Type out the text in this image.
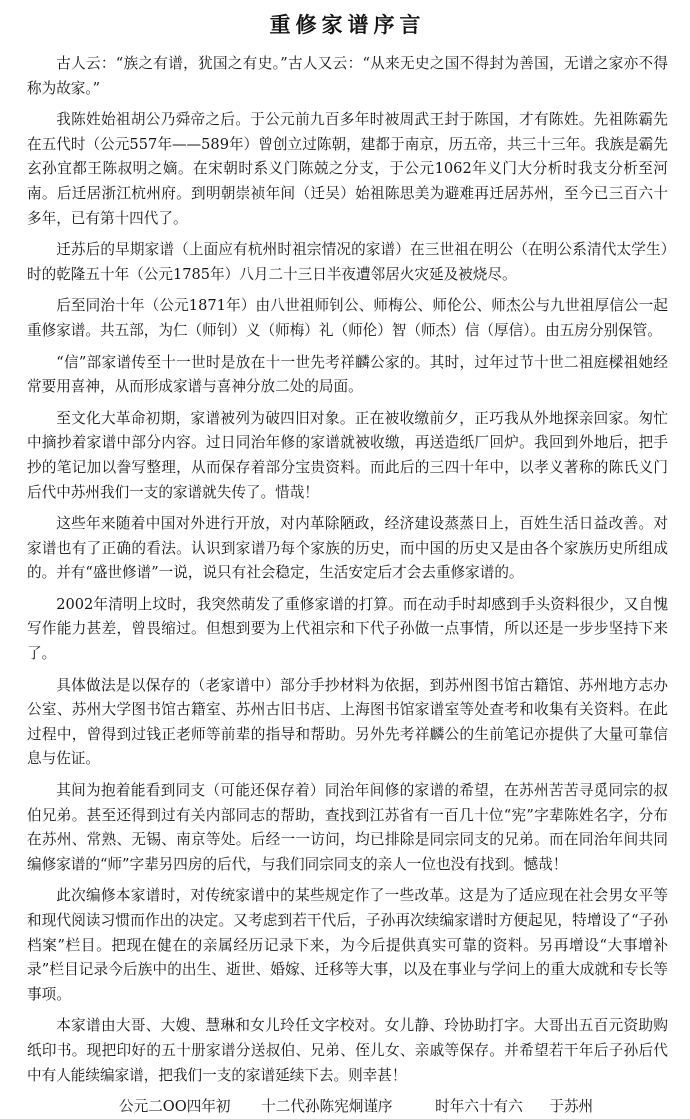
重修家谱序言

古人云：“族之有谱，犹国之有史。”古人又云：“从来无史之国不得封为善国，无谱之家亦不得称为故家。”

我陈姓始祖胡公乃舜帝之后。于公元前九百多年时被周武王封于陈国，才有陈姓。先祖陈霸先在五代时（公元557年——589年）曾创立过陈朝，建都于南京，历五帝，共三十三年。我族是霸先玄孙宜都王陈叔明之嫡。在宋朝时系义门陈兢之分支，于公元1062年义门大分析时我支分析至河南。后迁居浙江杭州府。到明朝崇祯年间（迁吴）始祖陈思美为避难再迁居苏州，至今已三百六十多年，已有第十四代了。

迁苏后的早期家谱（上面应有杭州时祖宗情况的家谱）在三世祖在明公（在明公系清代太学生）时的乾隆五十年（公元1785年）八月二十三日半夜遭邻居火灾延及被烧尽。

后至同治十年（公元1871年）由八世祖师钊公、师梅公、师伦公、师杰公与九世祖厚信公一起重修家谱。共五部，为仁（师钊）义（师梅）礼（师伦）智（师杰）信（厚信）。由五房分别保管。

“信”部家谱传至十一世时是放在十一世先考祥麟公家的。其时，过年过节十世二祖庭樑祖她经常要用喜神，从而形成家谱与喜神分放二处的局面。

至文化大革命初期，家谱被列为破四旧对象。正在被收缴前夕，正巧我从外地探亲回家。匆忙中摘抄着家谱中部分内容。过日同治年修的家谱就被收缴，再送造纸厂回炉。我回到外地后，把手抄的笔记加以誊写整理，从而保存着部分宝贵资料。而此后的三四十年中，以孝义著称的陈氏义门后代中苏州我们一支的家谱就失传了。惜哉！

这些年来随着中国对外进行开放，对内革除陋政，经济建设蒸蒸日上，百姓生活日益改善。对家谱也有了正确的看法。认识到家谱乃每个家族的历史，而中国的历史又是由各个家族历史所组成的。并有“盛世修谱”一说，说只有社会稳定，生活安定后才会去重修家谱的。

2002年清明上坟时，我突然萌发了重修家谱的打算。而在动手时却感到手头资料很少，又自愧写作能力甚差，曾畏缩过。但想到要为上代祖宗和下代子孙做一点事情，所以还是一步步坚持下来了。

具体做法是以保存的（老家谱中）部分手抄材料为依据，到苏州图书馆古籍馆、苏州地方志办公室、苏州大学图书馆古籍室、苏州古旧书店、上海图书馆家谱室等处查考和收集有关资料。在此过程中，曾得到过钱正老师等前辈的指导和帮助。另外先考祥麟公的生前笔记亦提供了大量可靠信息与佐证。

其间为抱着能看到同支（可能还保存着）同治年间修的家谱的希望，在苏州苦苦寻觅同宗的叔伯兄弟。甚至还得到过有关内部同志的帮助，查找到江苏省有一百几十位“宪”字辈陈姓名字，分布在苏州、常熟、无锡、南京等处。后经一一访问，均已排除是同宗同支的兄弟。而在同治年间共同编修家谱的“师”字辈另四房的后代，与我们同宗同支的亲人一位也没有找到。憾哉！

此次编修本家谱时，对传统家谱中的某些规定作了一些改革。这是为了适应现在社会男女平等和现代阅读习惯而作出的决定。又考虑到若干代后，子孙再次续编家谱时方便起见，特增设了“子孙档案”栏目。把现在健在的亲属经历记录下来，为今后提供真实可靠的资料。另再增设“大事增补录”栏目记录今后族中的出生、逝世、婚嫁、迁移等大事，以及在事业与学问上的重大成就和专长等事项。

本家谱由大哥、大嫂、慧琳和女儿玲任文字校对。女儿静、玲协助打字。大哥出五百元资助购纸印书。现把印好的五十册家谱分送叔伯、兄弟、侄儿女、亲戚等保存。并希望若干年后子孙后代中有人能续编家谱，把我们一支的家谱延续下去。则幸甚！

公元二OO四年初 十二代孙陈宪炯谨序	时年六十有六 于苏州
